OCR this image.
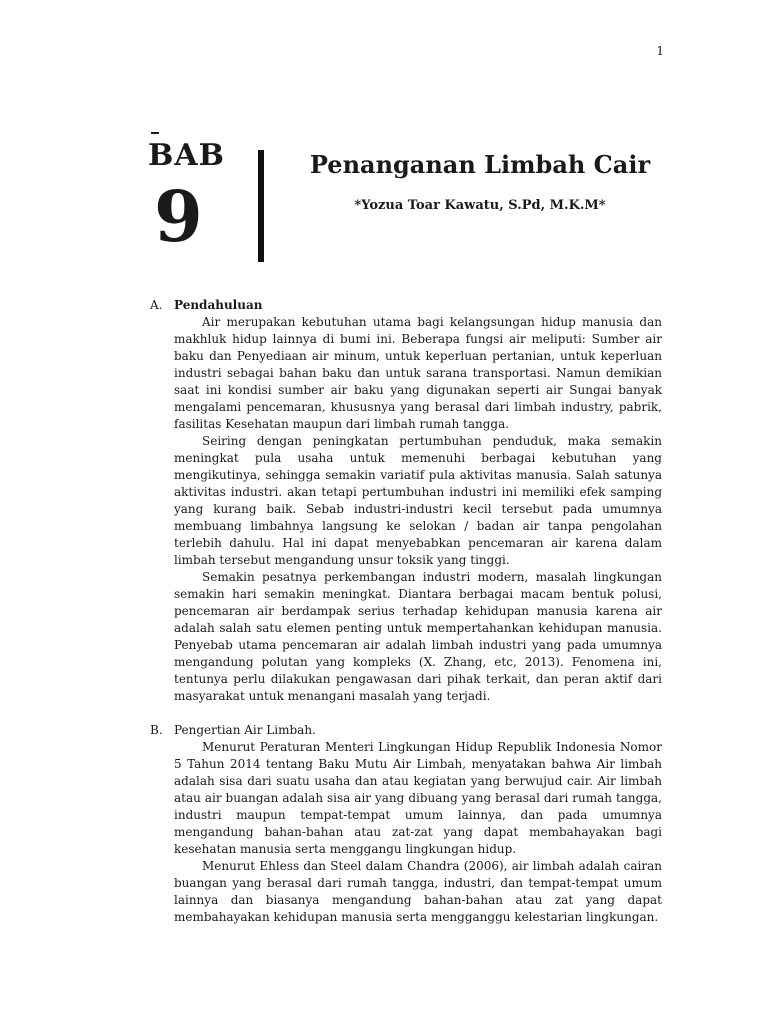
1
BAB
9
Penanganan Limbah Cair
*Yozua Toar Kawatu, S.Pd, M.K.M*
A. Pendahuluan

Air merupakan kebutuhan utama bagi kelangsungan hidup manusia dan makhluk hidup lainnya di bumi ini. Beberapa fungsi air meliputi: Sumber air baku dan Penyediaan air minum, untuk keperluan pertanian, untuk keperluan industri sebagai bahan baku dan untuk sarana transportasi. Namun demikian saat ini kondisi sumber air baku yang digunakan seperti air Sungai banyak mengalami pencemaran, khususnya yang berasal dari limbah industry, pabrik, fasilitas Kesehatan maupun dari limbah rumah tangga.

Seiring dengan peningkatan pertumbuhan penduduk, maka semakin meningkat pula usaha untuk memenuhi berbagai kebutuhan yang mengikutinya, sehingga semakin variatif pula aktivitas manusia. Salah satunya aktivitas industri. akan tetapi pertumbuhan industri ini memiliki efek samping yang kurang baik. Sebab industri-industri kecil tersebut pada umumnya membuang limbahnya langsung ke selokan / badan air tanpa pengolahan terlebih dahulu. Hal ini dapat menyebabkan pencemaran air karena dalam limbah tersebut mengandung unsur toksik yang tinggi.

Semakin pesatnya perkembangan industri modern, masalah lingkungan semakin hari semakin meningkat. Diantara berbagai macam bentuk polusi, pencemaran air berdampak serius terhadap kehidupan manusia karena air adalah salah satu elemen penting untuk mempertahankan kehidupan manusia. Penyebab utama pencemaran air adalah limbah industri yang pada umumnya mengandung polutan yang kompleks (X. Zhang, etc, 2013). Fenomena ini, tentunya perlu dilakukan pengawasan dari pihak terkait, dan peran aktif dari masyarakat untuk menangani masalah yang terjadi.

B. Pengertian Air Limbah.

Menurut Peraturan Menteri Lingkungan Hidup Republik Indonesia Nomor 5 Tahun 2014 tentang Baku Mutu Air Limbah, menyatakan bahwa Air limbah adalah sisa dari suatu usaha dan atau kegiatan yang berwujud cair. Air limbah atau air buangan adalah sisa air yang dibuang yang berasal dari rumah tangga, industri maupun tempat-tempat umum lainnya, dan pada umumnya mengandung bahan-bahan atau zat-zat yang dapat membahayakan bagi kesehatan manusia serta menggangu lingkungan hidup.

Menurut Ehless dan Steel dalam Chandra (2006), air limbah adalah cairan buangan yang berasal dari rumah tangga, industri, dan tempat-tempat umum lainnya dan biasanya mengandung bahan-bahan atau zat yang dapat membahayakan kehidupan manusia serta mengganggu kelestarian lingkungan.
